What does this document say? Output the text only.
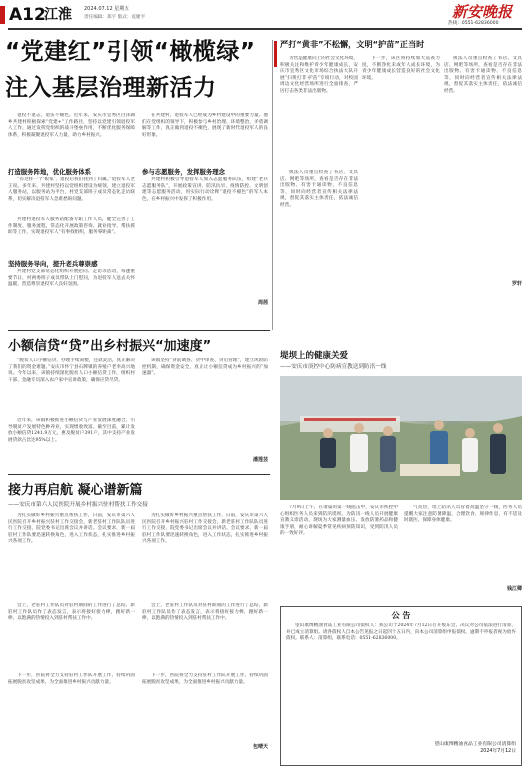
A12
江淮 2024.07.12 星期五
责任编辑：郑宇 版式：袁婕平	新安晚报
热线：0551-62836000
“党建红”引领“橄榄绿”
注入基层治理新活力

退役不退志，退伍不褪色。近年来，安庆市宜秀区白泽湖乡共建村积极探索“党建+”工作路径，坚持以党建引领退役军人工作，通过发挥党组织的战斗堡垒作用，不断优化服务保障体系，积极凝聚退役军人力量，助力乡村振兴。

打造服务阵地，优化服务体系

“有这样一个‘娘家’，退役后我们找到了归属。”退役军人老王说。多年来，共建村坚持以党组织建设为统领，建立退役军人服务站，以服务站为平台，村党支部班子成员常态化走访联系，切实解决退役军人急难愁盼问题。

共建村退役军人服务站配备专职工作人员，健全完善了工作制度、服务流程，常态化开展政策咨询、就业指导、帮扶援助等工作，实现退役军人“有事找组织，服务零距离”。

坚持服务导向，提升老兵尊崇感

共建村党支部常态化组织开展慰问、走访等活动，每逢重要节日，村两委班子成员带队上门慰问，为退役军人送去关怀温暖，营造尊崇退役军人良好氛围。

在共建村，退役军人已经成为乡村建设中的重要力量。他们在党组织的领导下，积极参与乡村治理、环境整治、矛盾调解等工作，真正做到退役不褪色，展现了新时代退役军人的良好形象。

参与志愿服务，发挥服务理念

共建村积极引导退役军人加入志愿服务队伍，组建“老兵志愿服务队”，开展政策宣讲、防汛抗旱、疫情防控、文明创建等志愿服务活动，用实际行动诠释“退役不褪色”的军人本色，在乡村振兴中发挥了积极作用。

周茜

严打“黄非”不松懈，文明“护苗”正当时

为营造健康向上的社会文化环境，积极关注和维护青少年健康成长，安庆市宜秀区文化市场综合执法大队开展“扫黄打非·护苗”专项行动，对校园周边文化经营场所进行全面排查，严厉打击各类非法出版物。

执法人员重点检查了书店、文具店、网吧等场所，查看是否存在非法出版物、有害卡通读物、不良信息等，同时向经营者宣传相关法律法规，督促其落实主体责任，依法诚信经营。

下一步，该区将持续加大巡查力度，不断净化未成年人成长环境，为青少年健康成长营造良好的社会文化环境。

执法人员重点检查了书店、文具店、网吧等场所，查看是否存在非法出版物、有害卡通读物、不良信息等，同时向经营者宣传相关法律法规，督促其落实主体责任，依法诚信经营。

罗轩

堤坝上的健康关爱
——安庆市庚控中心防病宣教送到防汛一线

7月9日上午，在请篇的第一线阻击中，安庆市疾控中心组织医务人员来到防汛堤坝，为防汛一线人员开展健康宣教义诊活动，现场为大家测量血压、发放防暑药品和健康手册，耐心讲解夏季常见疾病预防知识，受到防汛人员的一致好评。

气炎热，堤上防汛人员冒着高温坚守一线，医务人员提醒大家注意防暑降温、合理饮食、规律作息，有不适及时就医，保障身体健康。

钱江卿

小额信贷“贷”出乡村振兴“加速度”

“脱贫人口小额信贷，办理手续简便，还款灵活，真正解决了我们的资金难题。”安庆市怀宁县石牌镇的养殖户老李高兴地说。今年以来，该镇持续深化脱贫人口小额信贷工作，组织村干部、金融专员深入农户家中宣讲政策，确保应贷尽贷。

近年来，该镇积极推进小额信贷与产业发展深度融合，引导脱贫户发展特色种养业，实现增收致富。截至目前，累计发放小额信贷1241.9万元，惠及脱贫户391户，其中支持产业发展贷款占比达95%以上。

该镇坚持“贷前调查、贷中审查、贷后管理”，建立风险防控机制，确保资金安全，真正让小额信贷成为乡村振兴的“加速器”。

潘莲芸

接力再启航 凝心谱新篇
——安庆市第六人民医院开展乡村振兴驻村帮扶工作交接

为扎实做好乡村振兴重点帮扶工作，日前，安庆市第六人民医院召开乡村振兴驻村工作交接会，新老驻村工作队队员进行工作交接，院党委书记出席会议并讲话。会议要求，新一届驻村工作队要迅速转换角色，进入工作状态，扎实推进乡村振兴各项工作。

会上，老驻村工作队员对驻村期间的工作进行了总结，新驻村工作队员作了表态发言，表示将接好接力棒，跑好新一棒，以饱满的热情投入到驻村帮扶工作中。

下一步，医院将全力支持驻村工作队开展工作，持续巩固拓展脱贫攻坚成果，为全面推进乡村振兴贡献力量。

为扎实做好乡村振兴重点帮扶工作，日前，安庆市第六人民医院召开乡村振兴驻村工作交接会，新老驻村工作队队员进行工作交接，院党委书记出席会议并讲话。会议要求，新一届驻村工作队要迅速转换角色，进入工作状态，扎实推进乡村振兴各项工作。

会上，老驻村工作队员对驻村期间的工作进行了总结，新驻村工作队员作了表态发言，表示将接好接力棒，跑好新一棒，以饱满的热情投入到驻村帮扶工作中。

下一步，医院将全力支持驻村工作队开展工作，持续巩固拓展脱贫攻坚成果，为全面推进乡村振兴贡献力量。

包晴天

公 告

望山康博精油食品工业有限公司债权人：我公司于2024年7月12日召开股东会，决议对公司依法进行清算，并已成立清算组。请各债权人自本公告见报之日起四十五日内，向本公司清算组申报债权，逾期不申报者视为放弃债权。联系人：清算组，联系电话：0551-62836000。

望山康博精油食品工业有限公司清算组

2024年7月12日
